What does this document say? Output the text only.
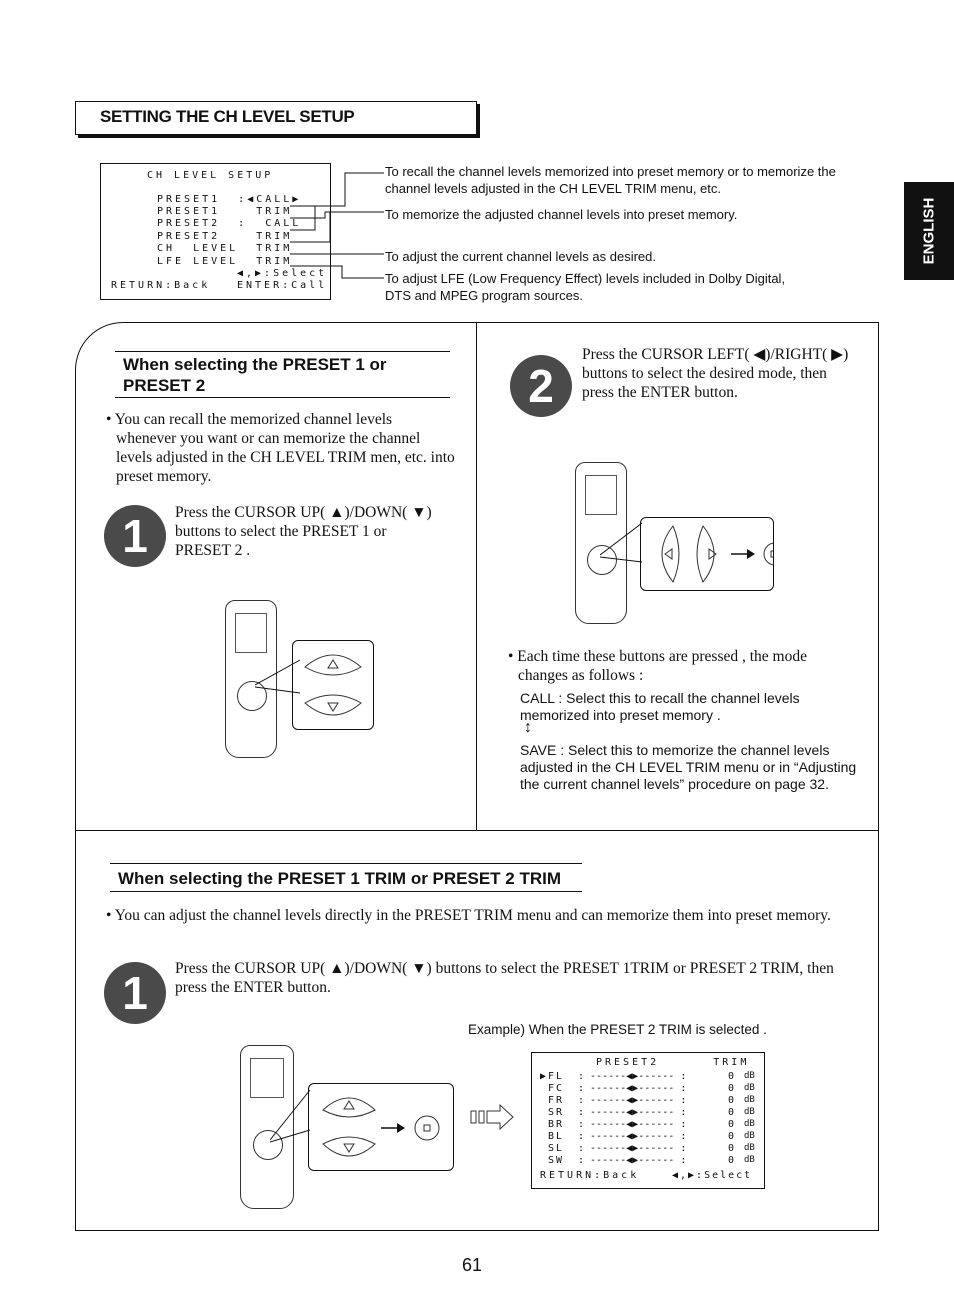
SETTING THE CH LEVEL SETUP
ENGLISH
CH LEVEL SETUP
PRESET1  :◀CALL▶
PRESET1    TRIM
PRESET2  :  CALL
PRESET2    TRIM
CH  LEVEL  TRIM
LFE LEVEL  TRIM
◀,▶:Select
RETURN:Back	ENTER:Call
To recall the channel levels memorized into preset memory or to memorize the channel levels adjusted in the CH LEVEL TRIM menu, etc.
To memorize the adjusted channel levels into preset memory.
To adjust the current channel levels as desired.
To adjust LFE (Low Frequency Effect) levels included in Dolby Digital, DTS and MPEG program sources.
When selecting the PRESET 1 or PRESET 2
• You can recall the memorized channel levels whenever you want or can memorize the channel levels adjusted in the CH LEVEL TRIM men, etc. into preset memory.
1	Press the CURSOR UP( ▲)/DOWN( ▼) buttons to select the PRESET 1 or PRESET 2 .
2
Press the CURSOR LEFT( ◀)/RIGHT( ▶) buttons to select the desired mode, then press the ENTER button.
• Each time these buttons are pressed , the mode changes as follows :
CALL : Select this to recall the channel levels memorized into preset memory .
↕
SAVE : Select this to memorize the channel levels adjusted in the CH LEVEL TRIM menu or in “Adjusting the current channel levels” procedure on page 32.
When selecting the PRESET 1 TRIM or PRESET 2 TRIM
• You can adjust the channel levels directly in the PRESET TRIM menu and can memorize them into preset memory.
1	Press the CURSOR UP( ▲)/DOWN( ▼) buttons to select the PRESET 1TRIM or PRESET 2 TRIM, then press the ENTER button.
Example) When the PRESET 2 TRIM is selected .
PRESET2      TRIM
▶FL : ------◀▶------ :	0 dB
FC : ------◀▶------ :	0 dB
FR : ------◀▶------ :	0 dB
SR : ------◀▶------ :	0 dB
BR : ------◀▶------ :	0 dB
BL : ------◀▶------ :	0 dB
SL : ------◀▶------ :	0 dB
SW : ------◀▶------ :	0 dB
RETURN:Back	◀,▶:Select
61
